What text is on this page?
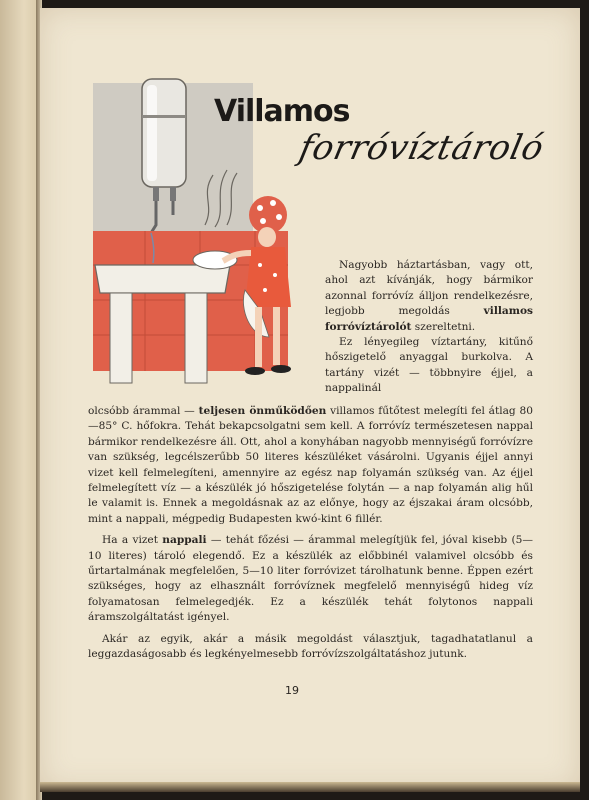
Villamos
forróvíztároló

Nagyobb háztartásban, vagy ott, ahol azt kívánják, hogy bármikor azonnal forróvíz álljon rendelkezésre, legjobb megoldás villamos forróvíztárolót szereltetni.

Ez lényegileg víztartány, kitűnő hőszigetelő anyaggal burkolva. A tartány vizét — többnyire éjjel, a nappalinál

olcsóbb árammal — teljesen önműködően villamos fűtőtest melegíti fel átlag 80—85° C. hőfokra. Tehát bekapcsolgatni sem kell. A forróvíz természetesen nappal bármikor rendelkezésre áll. Ott, ahol a konyhában nagyobb mennyiségű forróvízre van szükség, legcélszerűbb 50 literes készüléket vásárolni. Ugyanis éjjel annyi vizet kell felmelegíteni, amennyire az egész nap folyamán szükség van. Az éjjel felmelegített víz — a készülék jó hőszigetelése folytán — a nap folyamán alig hűl le valamit is. Ennek a megoldásnak az az előnye, hogy az éjszakai áram olcsóbb, mint a nappali, mégpedig Budapesten kwó-kint 6 fillér.

Ha a vizet nappali — tehát főzési — árammal melegítjük fel, jóval kisebb (5—10 literes) tároló elegendő. Ez a készülék az előbbinél valamivel olcsóbb és űrtartalmának megfelelően, 5—10 liter forróvizet tárolhatunk benne. Éppen ezért szükséges, hogy az elhasznált forróvíznek megfelelő mennyiségű hideg víz folyamatosan felmelegedjék. Ez a készülék tehát folytonos nappali áramszolgáltatást igényel.

Akár az egyik, akár a másik megoldást választjuk, tagadhatatlanul a leggazdaságosabb és legkényelmesebb forróvízszolgáltatáshoz jutunk.

19
